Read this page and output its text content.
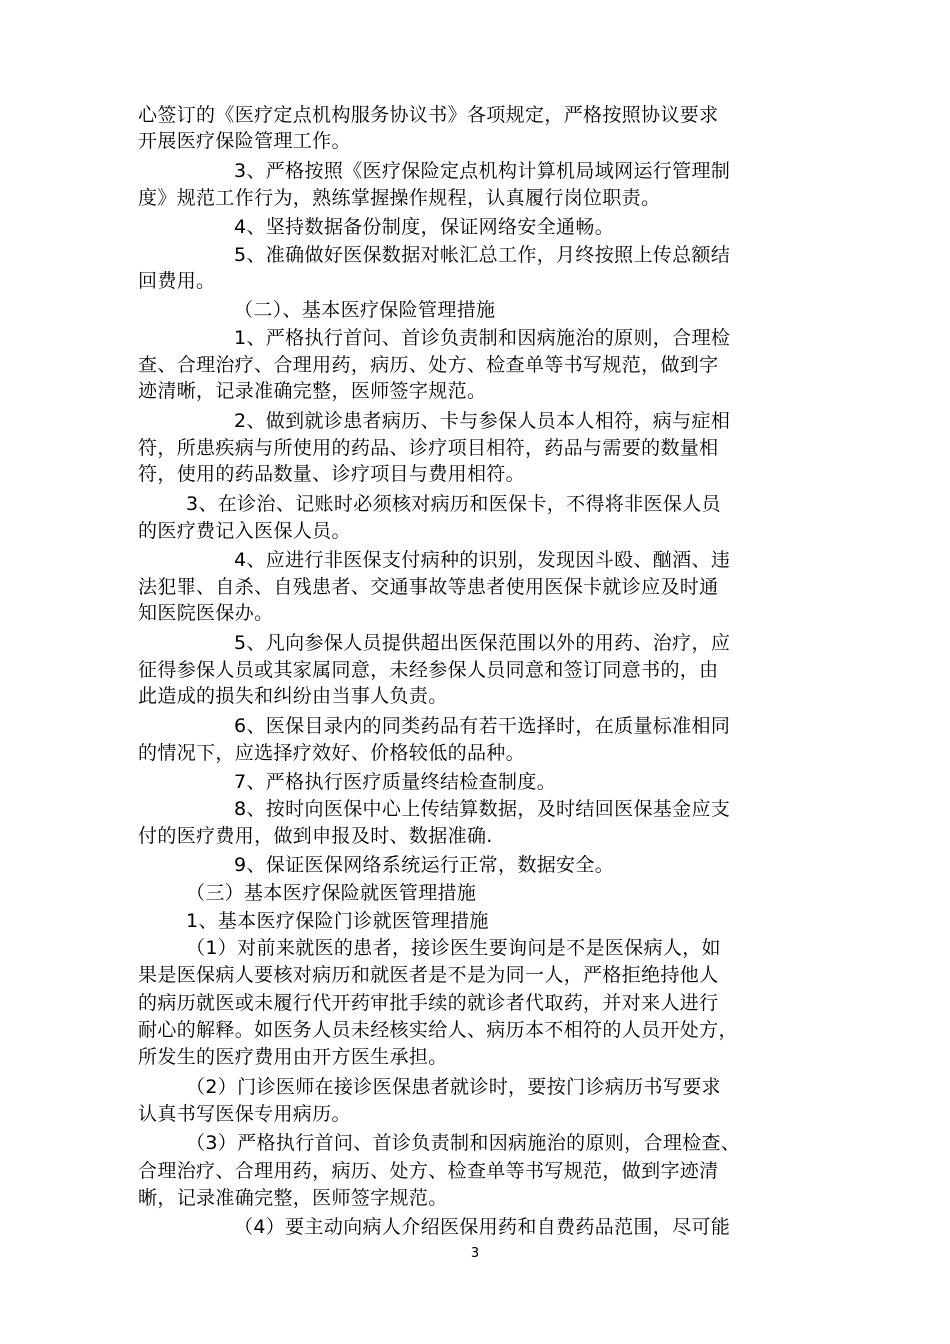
心签订的《医疗定点机构服务协议书》各项规定，严格按照协议要求
开展医疗保险管理工作。
3、严格按照《医疗保险定点机构计算机局域网运行管理制
度》规范工作行为，熟练掌握操作规程，认真履行岗位职责。
4、坚持数据备份制度，保证网络安全通畅。
5、准确做好医保数据对帐汇总工作，月终按照上传总额结
回费用。
（二）、基本医疗保险管理措施
1、严格执行首问、首诊负责制和因病施治的原则，合理检
查、合理治疗、合理用药，病历、处方、检查单等书写规范，做到字
迹清晰，记录准确完整，医师签字规范。
2、做到就诊患者病历、卡与参保人员本人相符，病与症相
符，所患疾病与所使用的药品、诊疗项目相符，药品与需要的数量相
符，使用的药品数量、诊疗项目与费用相符。
3、在诊治、记账时必须核对病历和医保卡，不得将非医保人员
的医疗费记入医保人员。
4、应进行非医保支付病种的识别，发现因斗殴、酗酒、违
法犯罪、自杀、自残患者、交通事故等患者使用医保卡就诊应及时通
知医院医保办。
5、凡向参保人员提供超出医保范围以外的用药、治疗，应
征得参保人员或其家属同意，未经参保人员同意和签订同意书的，由
此造成的损失和纠纷由当事人负责。
6、医保目录内的同类药品有若干选择时，在质量标准相同
的情况下，应选择疗效好、价格较低的品种。
7、严格执行医疗质量终结检查制度。
8、按时向医保中心上传结算数据，及时结回医保基金应支
付的医疗费用，做到申报及时、数据准确.
9、保证医保网络系统运行正常，数据安全。
（三）基本医疗保险就医管理措施
1、基本医疗保险门诊就医管理措施
（1）对前来就医的患者，接诊医生要询问是不是医保病人，如
果是医保病人要核对病历和就医者是不是为同一人，严格拒绝持他人
的病历就医或未履行代开药审批手续的就诊者代取药，并对来人进行
耐心的解释。如医务人员未经核实给人、病历本不相符的人员开处方，
所发生的医疗费用由开方医生承担。
（2）门诊医师在接诊医保患者就诊时，要按门诊病历书写要求
认真书写医保专用病历。
（3）严格执行首问、首诊负责制和因病施治的原则，合理检查、
合理治疗、合理用药，病历、处方、检查单等书写规范，做到字迹清
晰，记录准确完整，医师签字规范。
（4）要主动向病人介绍医保用药和自费药品范围，尽可能
3
